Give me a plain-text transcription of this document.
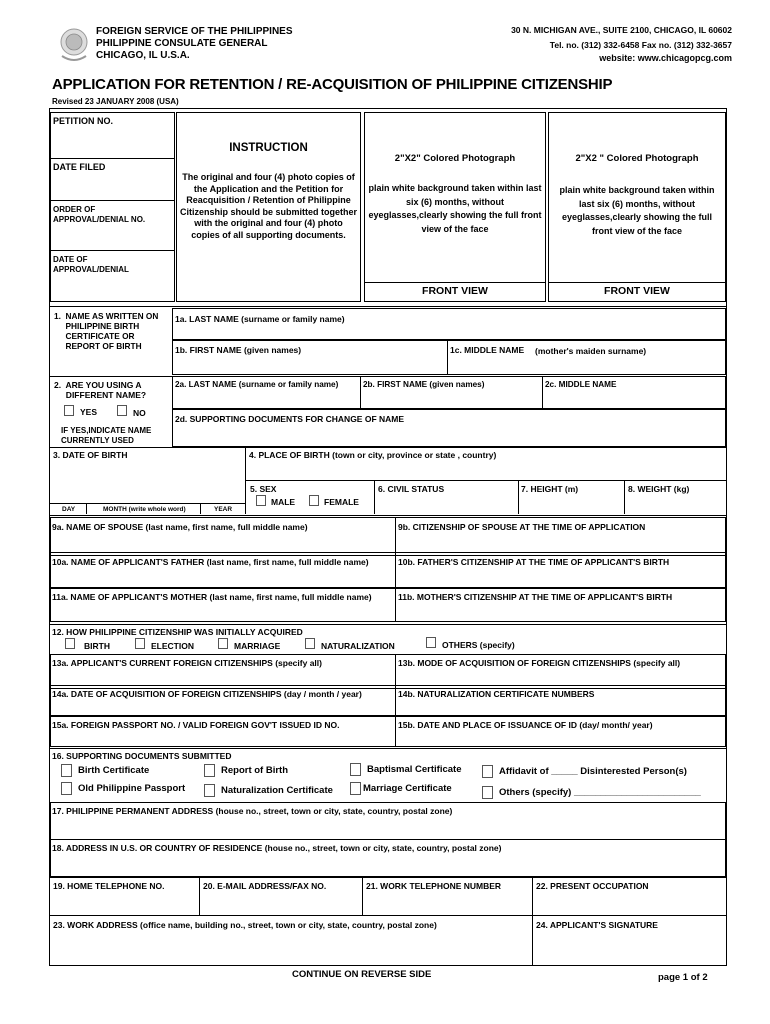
FOREIGN SERVICE OF THE PHILIPPINES
PHILIPPINE CONSULATE GENERAL
CHICAGO, IL U.S.A.
30 N. MICHIGAN AVE., SUITE 2100, CHICAGO, IL 60602
Tel. no. (312) 332-6458 Fax no. (312) 332-3657
website: www.chicagopcg.com
APPLICATION FOR RETENTION / RE-ACQUISITION OF PHILIPPINE CITIZENSHIP
Revised 23 JANUARY 2008 (USA)
PETITION NO.
DATE FILED
ORDER OF
APPROVAL/DENIAL NO.
DATE OF
APPROVAL/DENIAL
INSTRUCTION
The original and four (4) photo copies of the Application and the Petition for Reacquisition / Retention of Philippine Citizenship should be submitted together with the original and four (4) photo copies of all supporting documents.
2"X2" Colored Photograph
plain white background taken within last six (6) months, without eyeglasses,clearly showing the full front view of the face
FRONT VIEW
2"X2 " Colored Photograph
plain white background taken within last six (6) months, without eyeglasses,clearly showing the full front view of the face
FRONT VIEW
1.  NAME AS WRITTEN ON
PHILIPPINE BIRTH
CERTIFICATE OR
REPORT OF BIRTH
1a. LAST NAME (surname or family name)
1b. FIRST NAME (given names)	1c. MIDDLE NAME (mother's maiden surname)
2.  ARE YOU USING A
DIFFERENT NAME?
YES	NO
IF YES,INDICATE NAME
CURRENTLY USED
2a. LAST NAME (surname or family name)	2b. FIRST NAME (given names)	2c. MIDDLE NAME
2d. SUPPORTING DOCUMENTS FOR CHANGE OF NAME
3. DATE OF BIRTH
DAY	MONTH (write whole word)	YEAR
4. PLACE OF BIRTH (town or city, province or state , country)
5. SEX
MALE	FEMALE
6. CIVIL STATUS	7. HEIGHT (m)	8. WEIGHT (kg)
9a. NAME OF SPOUSE (last name, first name, full middle name)	9b. CITIZENSHIP OF SPOUSE AT THE TIME OF APPLICATION
10a. NAME OF APPLICANT'S FATHER (last name, first name, full middle name)	10b. FATHER'S CITIZENSHIP AT THE TIME OF APPLICANT'S BIRTH
11a. NAME OF APPLICANT'S MOTHER (last name, first name, full middle name)	11b. MOTHER'S CITIZENSHIP AT THE TIME OF APPLICANT'S BIRTH
12. HOW PHILIPPINE CITIZENSHIP WAS INITIALLY ACQUIRED
BIRTH	ELECTION	MARRIAGE	NATURALIZATION	OTHERS (specify)
13a. APPLICANT'S CURRENT FOREIGN CITIZENSHIPS (specify all)	13b. MODE OF ACQUISITION OF FOREIGN CITIZENSHIPS (specify all)
14a. DATE OF ACQUISITION OF FOREIGN CITIZENSHIPS (day / month / year)	14b. NATURALIZATION CERTIFICATE NUMBERS
15a. FOREIGN PASSPORT NO. / VALID FOREIGN GOV'T ISSUED ID NO.	15b. DATE AND PLACE OF ISSUANCE OF ID (day/ month/ year)
16. SUPPORTING DOCUMENTS SUBMITTED
Birth Certificate	Report of Birth	Baptismal Certificate	Affidavit of _____ Disinterested Person(s)
Old Philippine Passport	Naturalization Certificate	Marriage Certificate	Others (specify) ________________________
17. PHILIPPINE PERMANENT ADDRESS (house no., street, town or city, state, country, postal zone)
18. ADDRESS IN U.S. OR COUNTRY OF RESIDENCE (house no., street, town or city, state, country, postal zone)
19. HOME TELEPHONE NO.	20. E-MAIL ADDRESS/FAX NO.	21. WORK TELEPHONE NUMBER	22. PRESENT OCCUPATION
23. WORK ADDRESS (office name, building no., street, town or city, state, country, postal zone)	24. APPLICANT'S SIGNATURE
CONTINUE ON REVERSE SIDE	page 1 of 2
